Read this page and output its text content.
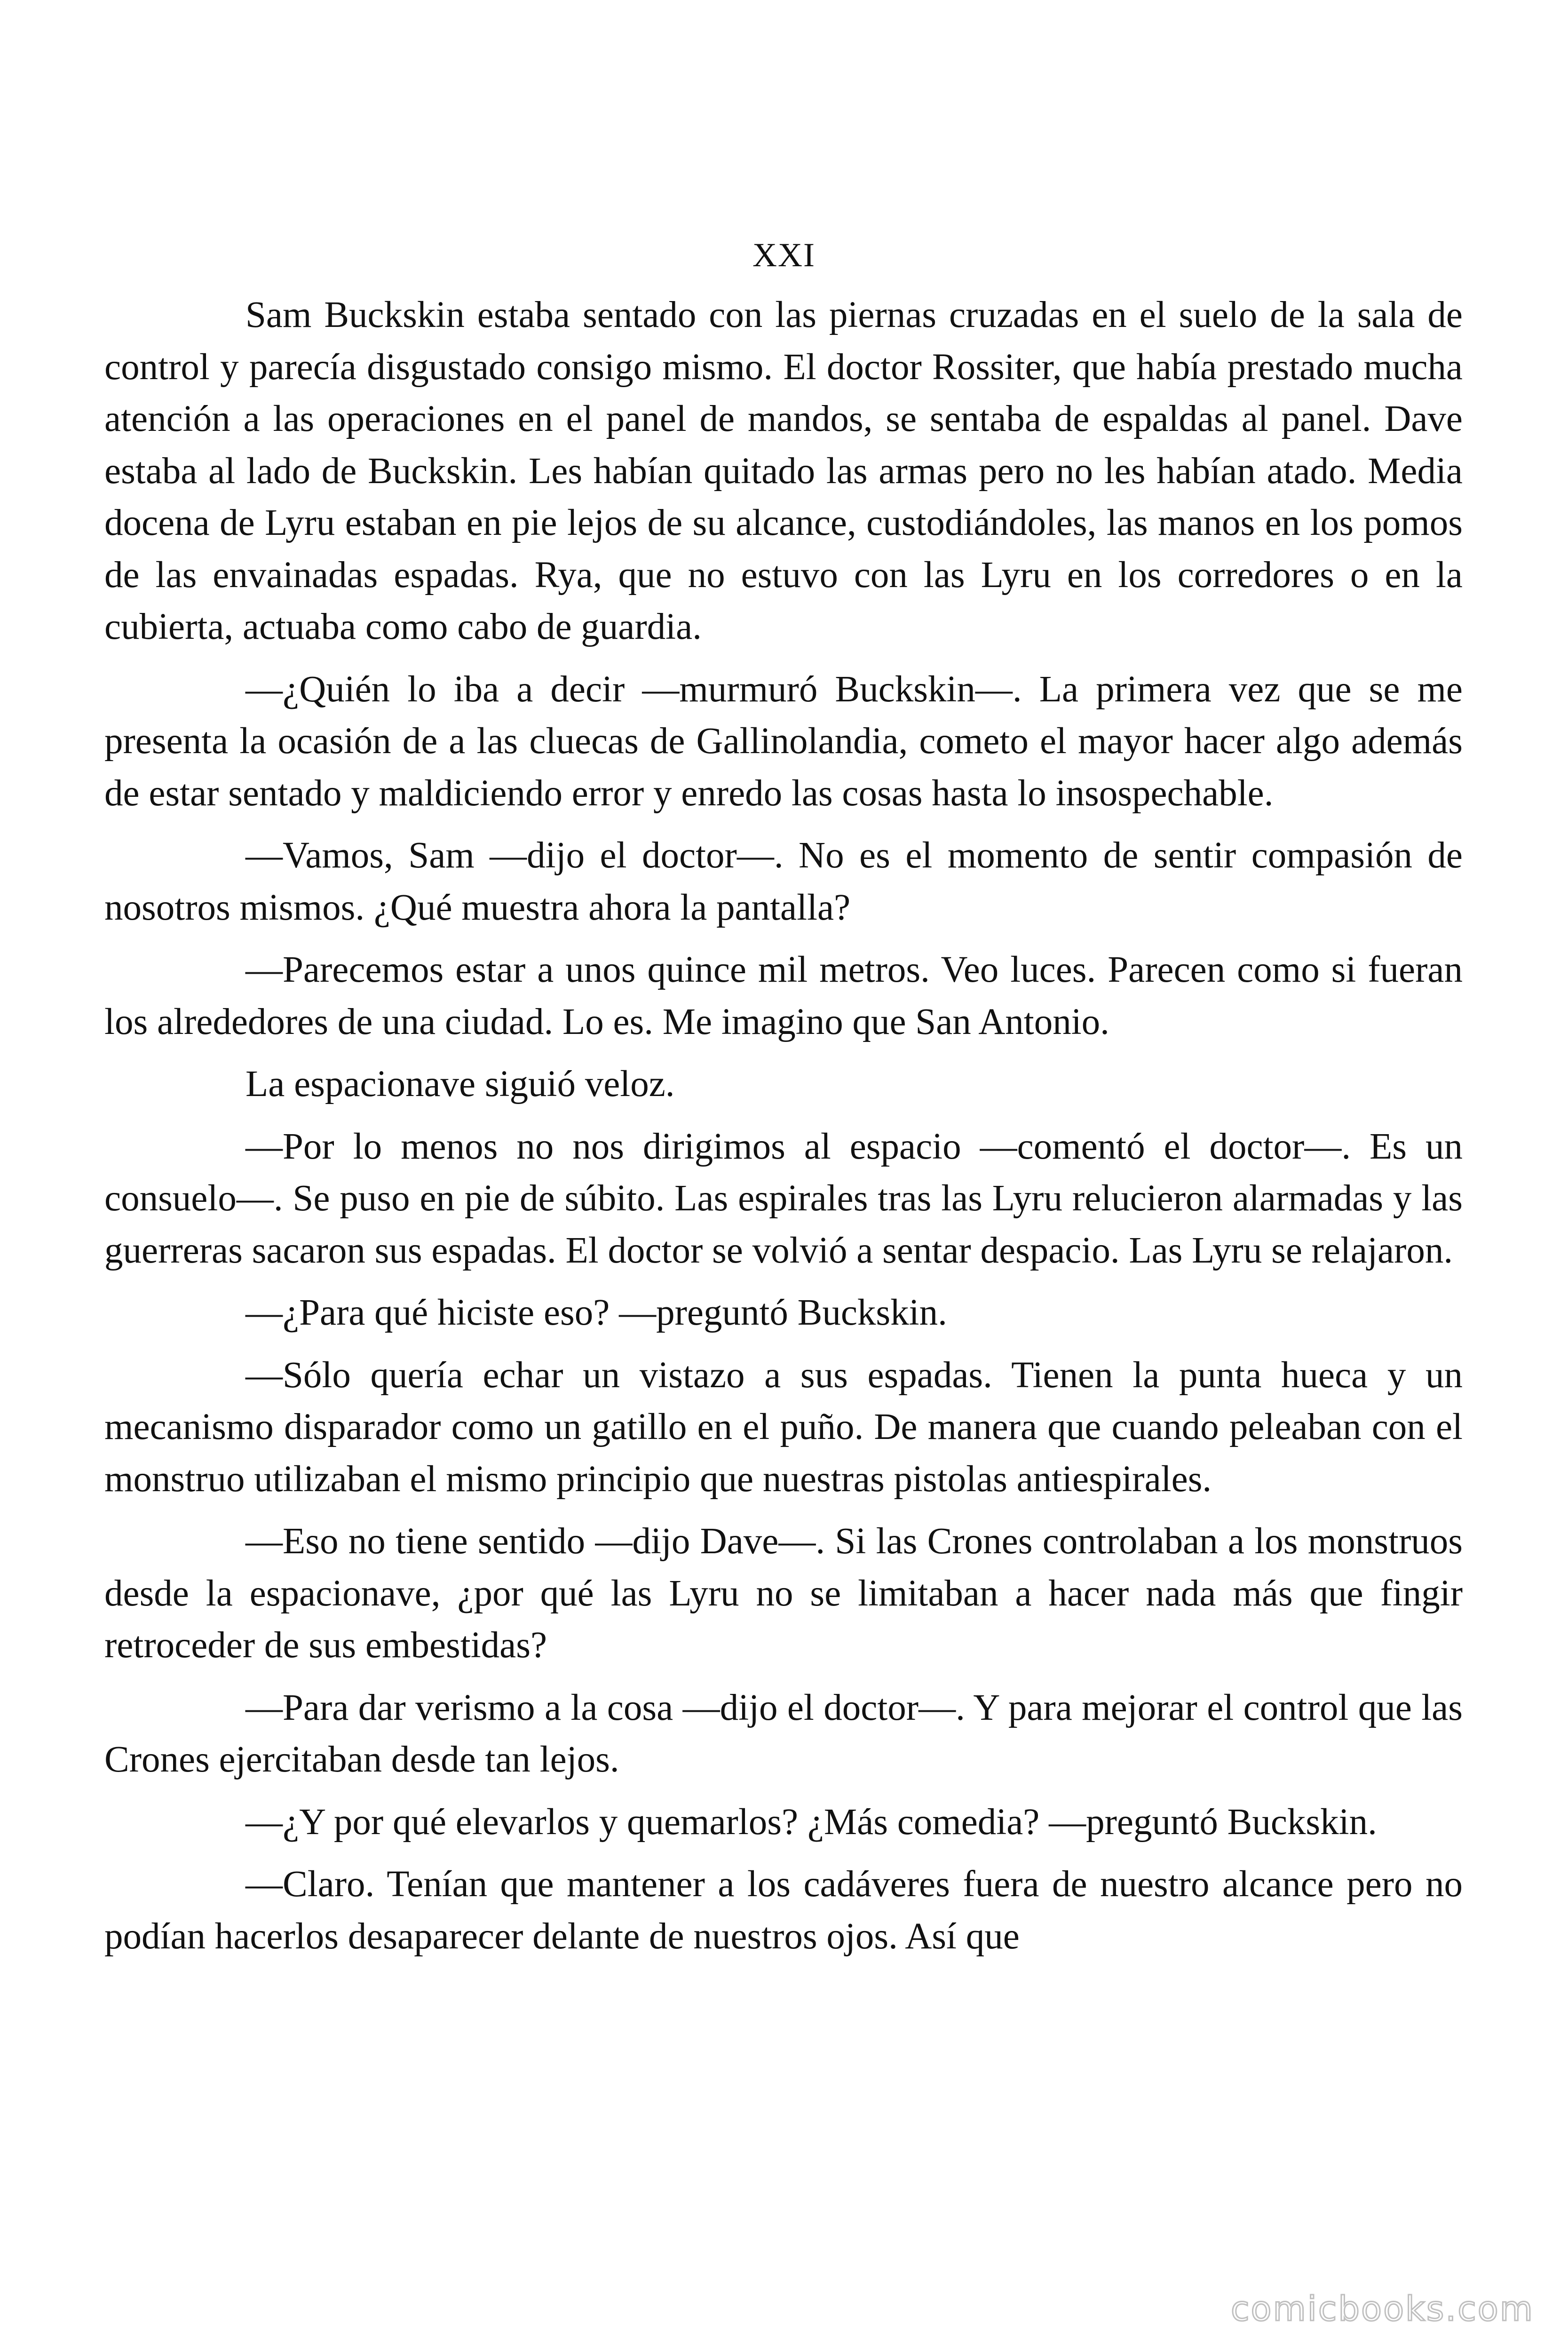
XXI

Sam Buckskin estaba sentado con las piernas cruzadas en el suelo de la sala de control y parecía disgustado consigo mismo. El doctor Rossiter, que había prestado mucha atención a las operaciones en el panel de mandos, se sentaba de espaldas al panel. Dave estaba al lado de Buckskin. Les habían quitado las armas pero no les habían atado. Media docena de Lyru estaban en pie lejos de su alcance, custodiándoles, las manos en los pomos de las envainadas espadas. Rya, que no estuvo con las Lyru en los corredores o en la cubierta, actuaba como cabo de guardia.

—¿Quién lo iba a decir —murmuró Buckskin—. La primera vez que se me presenta la ocasión de a las cluecas de Gallinolandia, cometo el mayor hacer algo además de estar sentado y maldiciendo error y enredo las cosas hasta lo insospechable.

—Vamos, Sam —dijo el doctor—. No es el momento de sentir compasión de nosotros mismos. ¿Qué muestra ahora la pantalla?

—Parecemos estar a unos quince mil metros. Veo luces. Parecen como si fueran los alrededores de una ciudad. Lo es. Me imagino que San Antonio.

La espacionave siguió veloz.

—Por lo menos no nos dirigimos al espacio —comentó el doctor—. Es un consuelo—. Se puso en pie de súbito. Las espirales tras las Lyru relucieron alarmadas y las guerreras sacaron sus espadas. El doctor se volvió a sentar despacio. Las Lyru se relajaron.

—¿Para qué hiciste eso? —preguntó Buckskin.

—Sólo quería echar un vistazo a sus espadas. Tienen la punta hueca y un mecanismo disparador como un gatillo en el puño. De manera que cuando peleaban con el monstruo utilizaban el mismo principio que nuestras pistolas antiespirales.

—Eso no tiene sentido —dijo Dave—. Si las Crones controlaban a los monstruos desde la espacionave, ¿por qué las Lyru no se limitaban a hacer nada más que fingir retroceder de sus embestidas?

—Para dar verismo a la cosa —dijo el doctor—. Y para mejorar el control que las Crones ejercitaban desde tan lejos.

—¿Y por qué elevarlos y quemarlos? ¿Más comedia? —preguntó Buckskin.

—Claro. Tenían que mantener a los cadáveres fuera de nuestro alcance pero no podían hacerlos desaparecer delante de nuestros ojos. Así que

comicbooks.com
